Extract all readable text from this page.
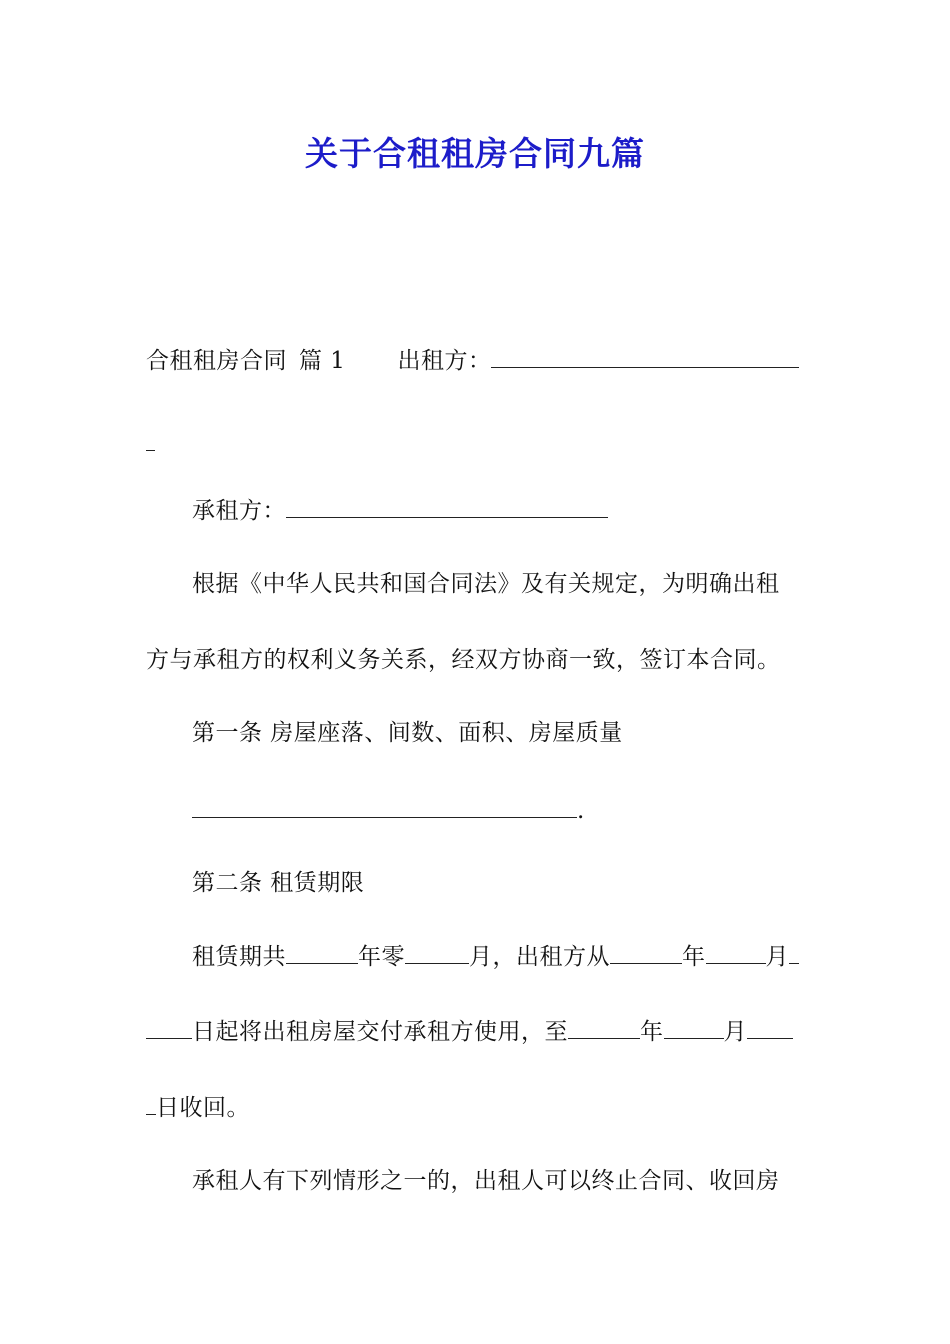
关于合租租房合同九篇

合租租房合同 篇 1 出租方：

承租方：

根据《中华人民共和国合同法》及有关规定，为明确出租

方与承租方的权利义务关系，经双方协商一致，签订本合同。

第一条 房屋座落、间数、面积、房屋质量

.

第二条 租赁期限

租赁期共	年零	月，出租方从	年	月

日起将出租房屋交付承租方使用，至	年	月

日收回。

承租人有下列情形之一的，出租人可以终止合同、收回房
